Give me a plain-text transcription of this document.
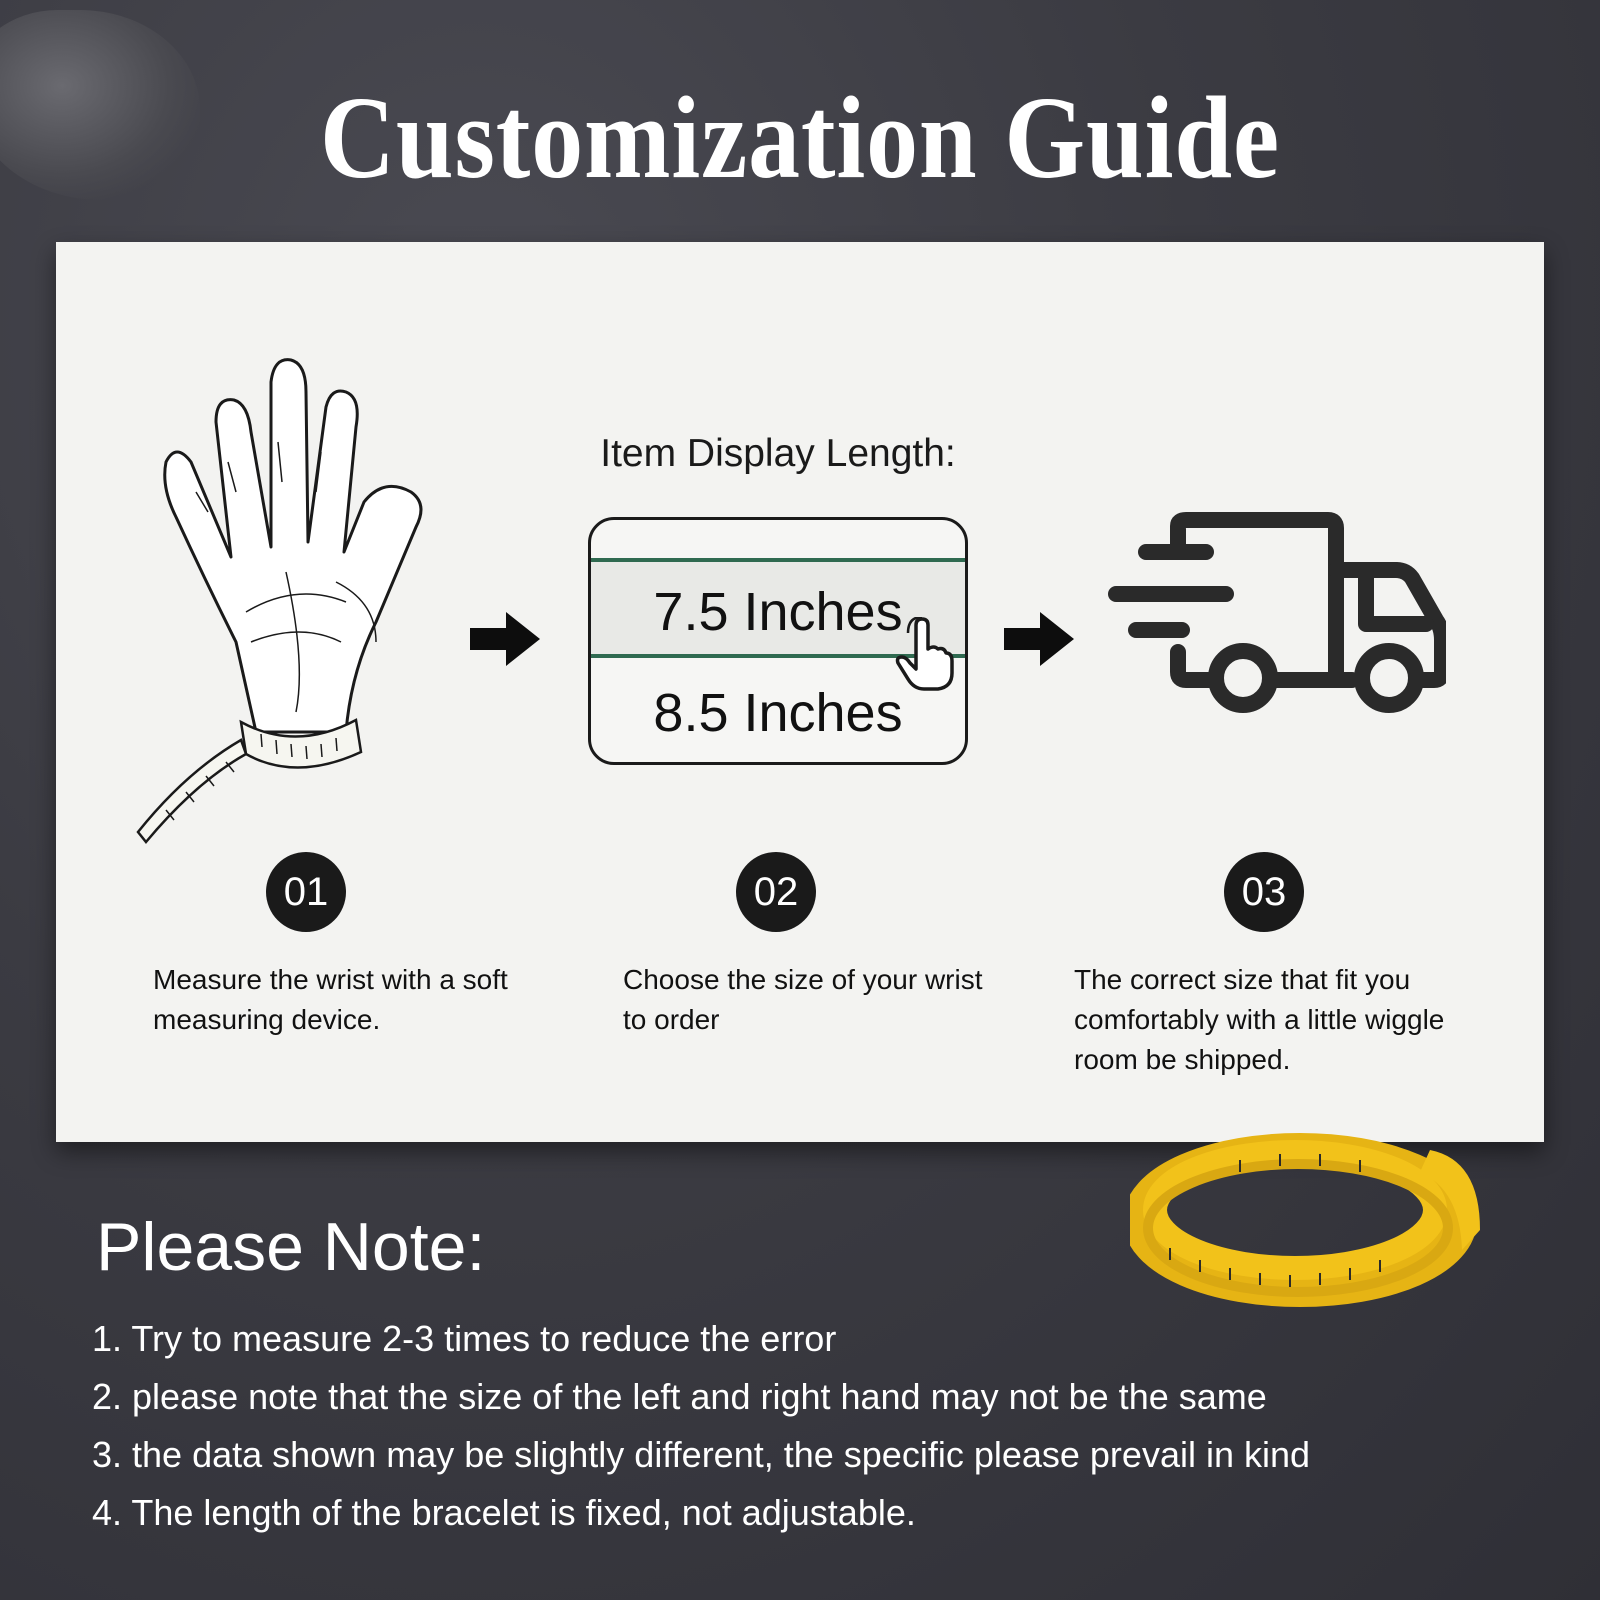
Customization Guide
Item Display Length:
7.5 Inches
8.5 Inches
01	02	03
Measure the wrist with a soft measuring device.
Choose the size of your wrist to order
The correct size that fit you comfortably with a little wiggle room be shipped.
Please Note:
1. Try to measure 2-3 times to reduce the error
2. please note that the size of the left and right hand may not be the same
3. the data shown may be slightly different, the specific please prevail in kind
4. The length of the bracelet is fixed, not adjustable.
